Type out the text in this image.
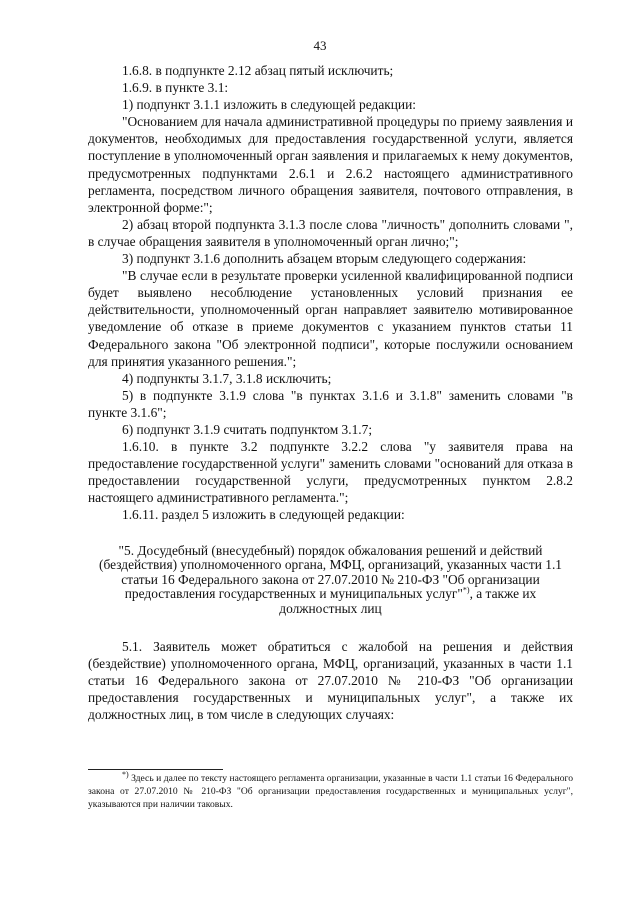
43

1.6.8. в подпункте 2.12 абзац пятый исключить;

1.6.9. в пункте 3.1:

1) подпункт 3.1.1 изложить в следующей редакции:

"Основанием для начала административной процедуры по приему заявления и документов, необходимых для предоставления государственной услуги, является поступление в уполномоченный орган заявления и прилагаемых к нему документов, предусмотренных подпунктами 2.6.1 и 2.6.2 настоящего административного регламента, посредством личного обращения заявителя, почтового отправления, в электронной форме:";

2) абзац второй подпункта 3.1.3 после слова "личность" дополнить словами ", в случае обращения заявителя в уполномоченный орган лично;";

3) подпункт 3.1.6 дополнить абзацем вторым следующего содержания:

"В случае если в результате проверки усиленной квалифицированной подписи будет выявлено несоблюдение установленных условий признания ее действительности, уполномоченный орган направляет заявителю мотивированное уведомление об отказе в приеме документов с указанием пунктов статьи 11 Федерального закона "Об электронной подписи", которые послужили основанием для принятия указанного решения.";

4) подпункты 3.1.7, 3.1.8 исключить;

5) в подпункте 3.1.9 слова "в пунктах 3.1.6 и 3.1.8" заменить словами "в пункте 3.1.6";

6) подпункт 3.1.9 считать подпунктом 3.1.7;

1.6.10. в пункте 3.2 подпункте 3.2.2 слова "у заявителя права на предоставление государственной услуги" заменить словами "оснований для отказа в предоставлении государственной услуги, предусмотренных пунктом 2.8.2 настоящего административного регламента.";

1.6.11. раздел 5 изложить в следующей редакции:

"5. Досудебный (внесудебный) порядок обжалования решений и действий (бездействия) уполномоченного органа, МФЦ, организаций, указанных части 1.1 статьи 16 Федерального закона от 27.07.2010 № 210-ФЗ "Об организации предоставления государственных и муниципальных услуг"*), а также их должностных лиц

5.1. Заявитель может обратиться с жалобой на решения и действия (бездействие) уполномоченного органа, МФЦ, организаций, указанных в части 1.1 статьи 16 Федерального закона от 27.07.2010 № 210-ФЗ "Об организации предоставления государственных и муниципальных услуг", а также их должностных лиц, в том числе в следующих случаях:

*) Здесь и далее по тексту настоящего регламента организации, указанные в части 1.1 статьи 16 Федерального закона от 27.07.2010 № 210-ФЗ "Об организации предоставления государственных и муниципальных услуг", указываются при наличии таковых.
